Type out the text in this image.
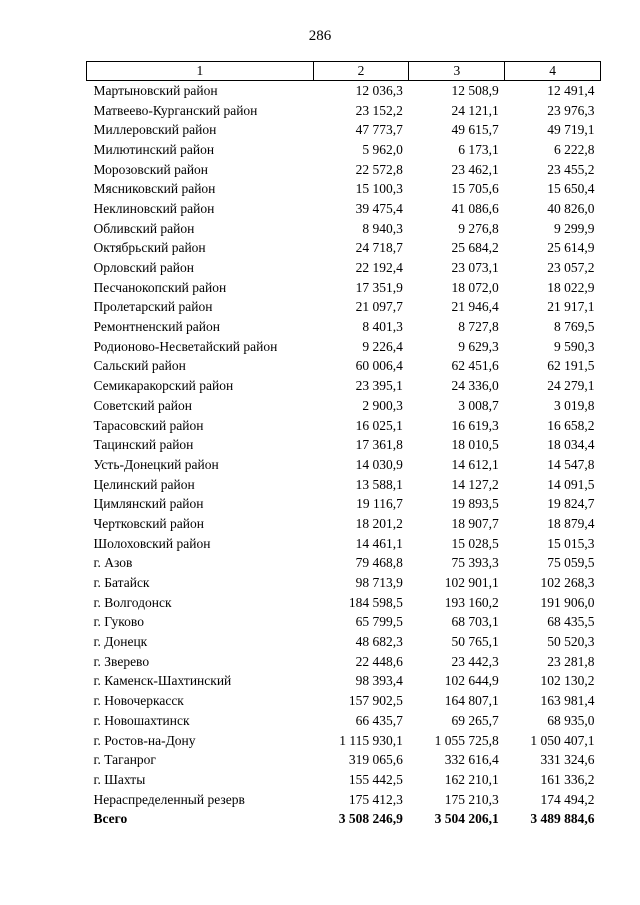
286
1	2	3	4
Мартыновский район	12 036,3	12 508,9	12 491,4
Матвеево-Курганский район	23 152,2	24 121,1	23 976,3
Миллеровский район	47 773,7	49 615,7	49 719,1
Милютинский район	5 962,0	6 173,1	6 222,8
Морозовский район	22 572,8	23 462,1	23 455,2
Мясниковский район	15 100,3	15 705,6	15 650,4
Неклиновский район	39 475,4	41 086,6	40 826,0
Обливский район	8 940,3	9 276,8	9 299,9
Октябрьский район	24 718,7	25 684,2	25 614,9
Орловский район	22 192,4	23 073,1	23 057,2
Песчанокопский район	17 351,9	18 072,0	18 022,9
Пролетарский район	21 097,7	21 946,4	21 917,1
Ремонтненский район	8 401,3	8 727,8	8 769,5
Родионово-Несветайский район	9 226,4	9 629,3	9 590,3
Сальский район	60 006,4	62 451,6	62 191,5
Семикаракорский район	23 395,1	24 336,0	24 279,1
Советский район	2 900,3	3 008,7	3 019,8
Тарасовский район	16 025,1	16 619,3	16 658,2
Тацинский район	17 361,8	18 010,5	18 034,4
Усть-Донецкий район	14 030,9	14 612,1	14 547,8
Целинский район	13 588,1	14 127,2	14 091,5
Цимлянский район	19 116,7	19 893,5	19 824,7
Чертковский район	18 201,2	18 907,7	18 879,4
Шолоховский район	14 461,1	15 028,5	15 015,3
г. Азов	79 468,8	75 393,3	75 059,5
г. Батайск	98 713,9	102 901,1	102 268,3
г. Волгодонск	184 598,5	193 160,2	191 906,0
г. Гуково	65 799,5	68 703,1	68 435,5
г. Донецк	48 682,3	50 765,1	50 520,3
г. Зверево	22 448,6	23 442,3	23 281,8
г. Каменск-Шахтинский	98 393,4	102 644,9	102 130,2
г. Новочеркасск	157 902,5	164 807,1	163 981,4
г. Новошахтинск	66 435,7	69 265,7	68 935,0
г. Ростов-на-Дону	1 115 930,1	1 055 725,8	1 050 407,1
г. Таганрог	319 065,6	332 616,4	331 324,6
г. Шахты	155 442,5	162 210,1	161 336,2
Нераспределенный резерв	175 412,3	175 210,3	174 494,2
Всего	3 508 246,9	3 504 206,1	3 489 884,6
